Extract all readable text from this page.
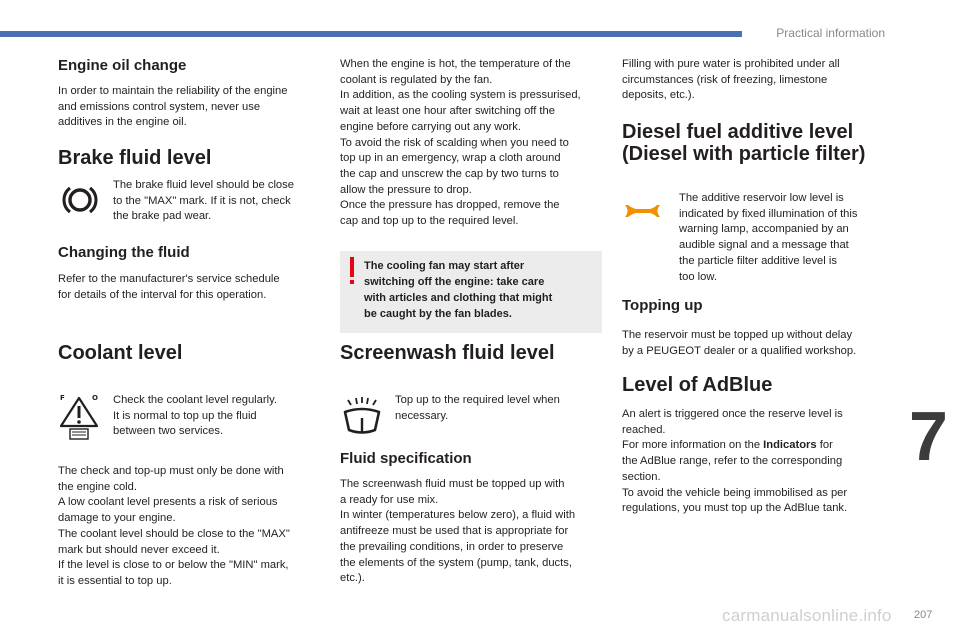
Practical information
7
207
carmanualsonline.info
Engine oil change
In order to maintain the reliability of the engine
and emissions control system, never use
additives in the engine oil.
Brake fluid level
The brake fluid level should be close
to the "MAX" mark. If it is not, check
the brake pad wear.
Changing the fluid
Refer to the manufacturer's service schedule
for details of the interval for this operation.
Coolant level
F	O Check the coolant level regularly.
It is normal to top up the fluid
between two services.
The check and top-up must only be done with
the engine cold.
A low coolant level presents a risk of serious
damage to your engine.
The coolant level should be close to the "MAX"
mark but should never exceed it.
If the level is close to or below the "MIN" mark,
it is essential to top up.
When the engine is hot, the temperature of the
coolant is regulated by the fan.
In addition, as the cooling system is pressurised,
wait at least one hour after switching off the
engine before carrying out any work.
To avoid the risk of scalding when you need to
top up in an emergency, wrap a cloth around
the cap and unscrew the cap by two turns to
allow the pressure to drop.
Once the pressure has dropped, remove the
cap and top up to the required level.
The cooling fan may start after
switching off the engine: take care
with articles and clothing that might
be caught by the fan blades.
Screenwash fluid level
Top up to the required level when
necessary.
Fluid specification
The screenwash fluid must be topped up with
a ready for use mix.
In winter (temperatures below zero), a fluid with
antifreeze must be used that is appropriate for
the prevailing conditions, in order to preserve
the elements of the system (pump, tank, ducts,
etc.).
Filling with pure water is prohibited under all
circumstances (risk of freezing, limestone
deposits, etc.).
Diesel fuel additive level
(Diesel with particle filter)
The additive reservoir low level is
indicated by fixed illumination of this
warning lamp, accompanied by an
audible signal and a message that
the particle filter additive level is
too low.
Topping up
The reservoir must be topped up without delay
by a PEUGEOT dealer or a qualified workshop.
Level of AdBlue
An alert is triggered once the reserve level is
reached.
For more information on the Indicators for
the AdBlue range, refer to the corresponding
section.
To avoid the vehicle being immobilised as per
regulations, you must top up the AdBlue tank.
